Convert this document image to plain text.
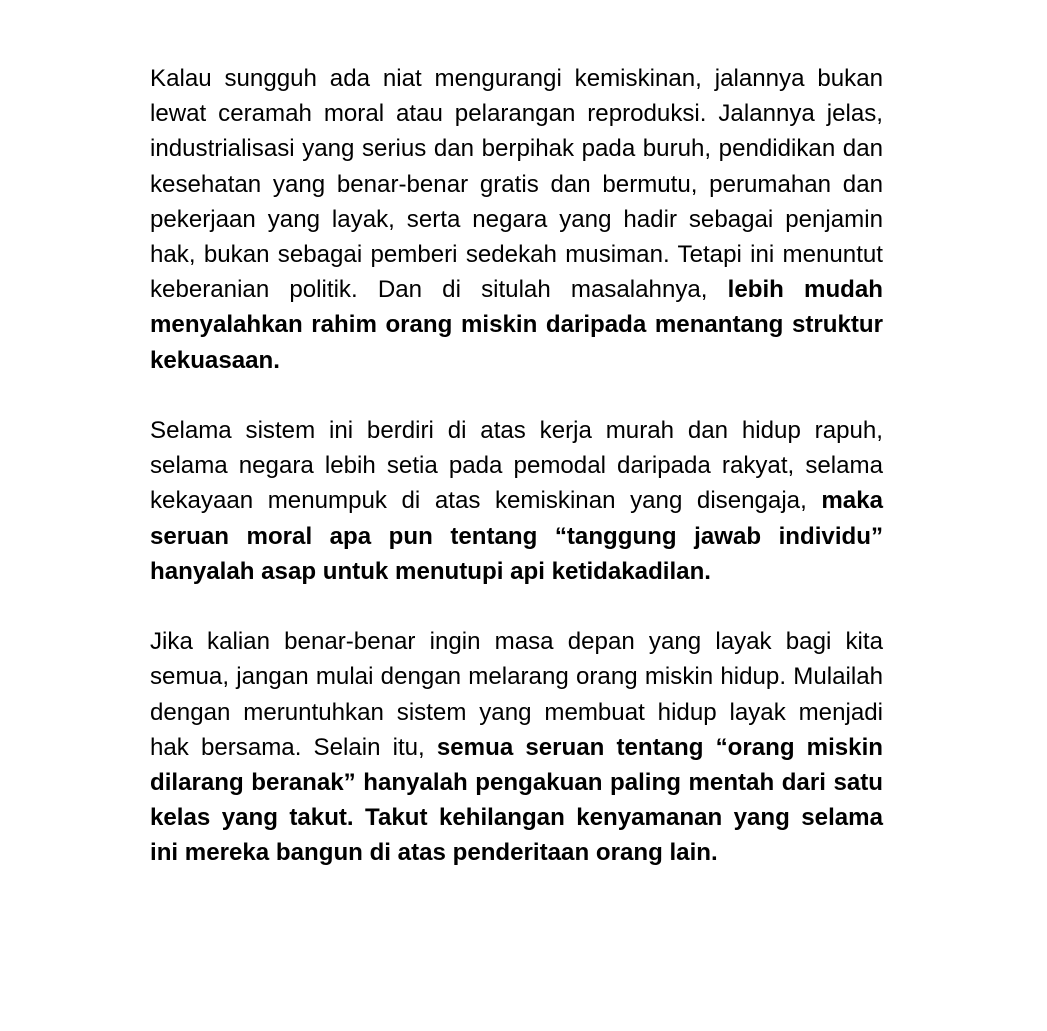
Kalau sungguh ada niat mengurangi kemiskinan, jalannya bukan lewat ceramah moral atau pelarangan reproduksi. Jalannya jelas, industrialisasi yang serius dan berpihak pada buruh, pendidikan dan kesehatan yang benar-benar gratis dan bermutu, perumahan dan pekerjaan yang layak, serta negara yang hadir sebagai penjamin hak, bukan sebagai pemberi sedekah musiman. Tetapi ini menuntut keberanian politik. Dan di situlah masalahnya, lebih mudah menyalahkan rahim orang miskin daripada menantang struktur kekuasaan.

Selama sistem ini berdiri di atas kerja murah dan hidup rapuh, selama negara lebih setia pada pemodal daripada rakyat, selama kekayaan menumpuk di atas kemiskinan yang disengaja, maka seruan moral apa pun tentang “tanggung jawab individu” hanyalah asap untuk menutupi api ketidakadilan.

Jika kalian benar-benar ingin masa depan yang layak bagi kita semua, jangan mulai dengan melarang orang miskin hidup. Mulailah dengan meruntuhkan sistem yang membuat hidup layak menjadi hak bersama. Selain itu, semua seruan tentang “orang miskin dilarang beranak” hanyalah pengakuan paling mentah dari satu kelas yang takut. Takut kehilangan kenyamanan yang selama ini mereka bangun di atas penderitaan orang lain.
